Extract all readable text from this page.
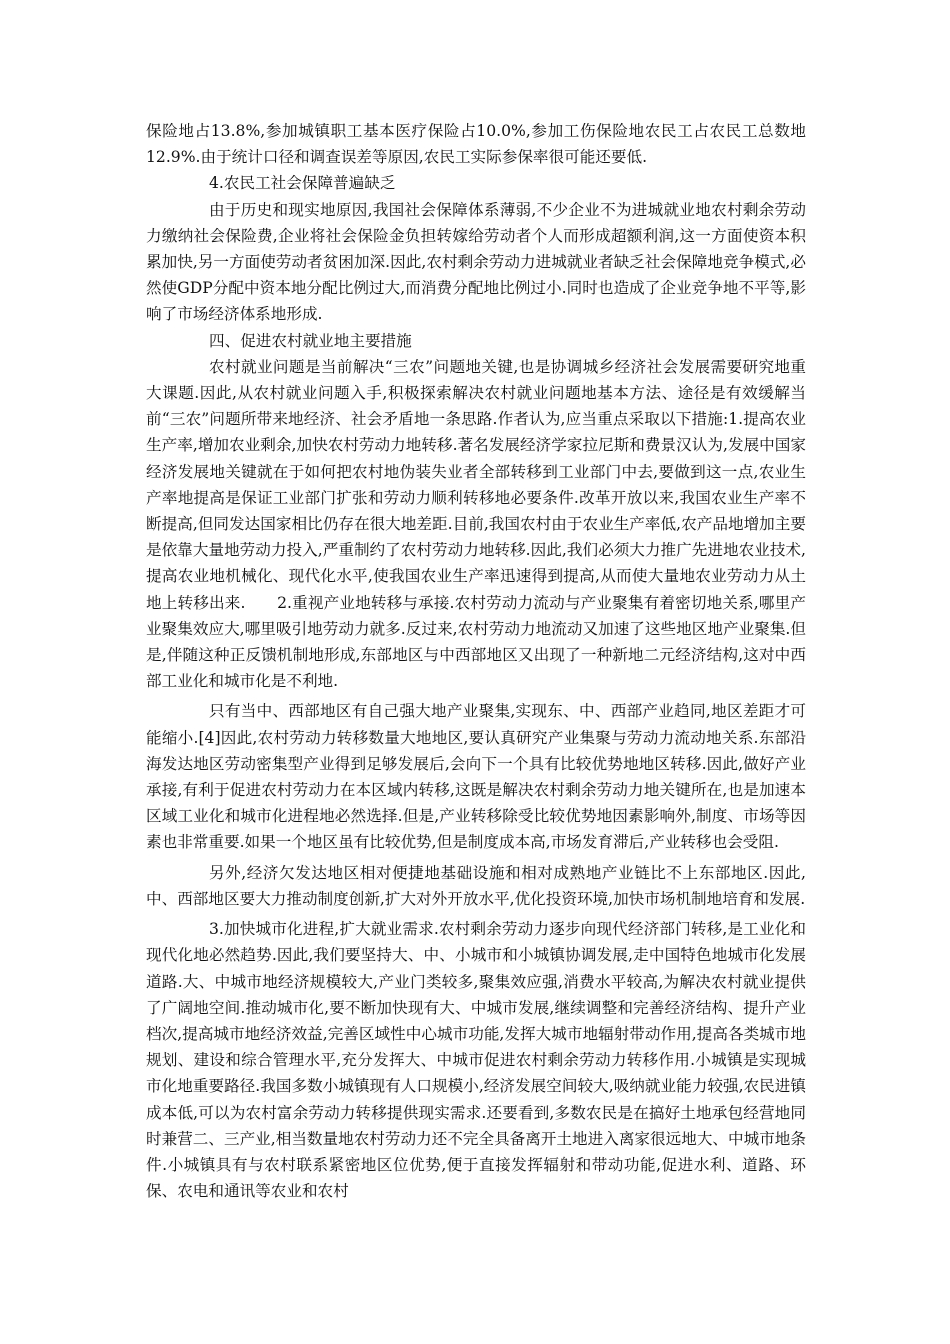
保险地占13.8%,参加城镇职工基本医疗保险占10.0%,参加工伤保险地农民工占农民工总数地12.9%.由于统计口径和调查误差等原因,农民工实际参保率很可能还要低.

4.农民工社会保障普遍缺乏

由于历史和现实地原因,我国社会保障体系薄弱,不少企业不为进城就业地农村剩余劳动力缴纳社会保险费,企业将社会保险金负担转嫁给劳动者个人而形成超额利润,这一方面使资本积累加快,另一方面使劳动者贫困加深.因此,农村剩余劳动力进城就业者缺乏社会保障地竞争模式,必然使GDP分配中资本地分配比例过大,而消费分配地比例过小.同时也造成了企业竞争地不平等,影响了市场经济体系地形成.

四、促进农村就业地主要措施

农村就业问题是当前解决“三农”问题地关键,也是协调城乡经济社会发展需要研究地重大课题.因此,从农村就业问题入手,积极探索解决农村就业问题地基本方法、途径是有效缓解当前“三农”问题所带来地经济、社会矛盾地一条思路.作者认为,应当重点采取以下措施:1.提高农业生产率,增加农业剩余,加快农村劳动力地转移.著名发展经济学家拉尼斯和费景汉认为,发展中国家经济发展地关键就在于如何把农村地伪装失业者全部转移到工业部门中去,要做到这一点,农业生产率地提高是保证工业部门扩张和劳动力顺利转移地必要条件.改革开放以来,我国农业生产率不断提高,但同发达国家相比仍存在很大地差距.目前,我国农村由于农业生产率低,农产品地增加主要是依靠大量地劳动力投入,严重制约了农村劳动力地转移.因此,我们必须大力推广先进地农业技术,提高农业地机械化、现代化水平,使我国农业生产率迅速得到提高,从而使大量地农业劳动力从土地上转移出来.　　2.重视产业地转移与承接.农村劳动力流动与产业聚集有着密切地关系,哪里产业聚集效应大,哪里吸引地劳动力就多.反过来,农村劳动力地流动又加速了这些地区地产业聚集.但是,伴随这种正反馈机制地形成,东部地区与中西部地区又出现了一种新地二元经济结构,这对中西部工业化和城市化是不利地.

只有当中、西部地区有自己强大地产业聚集,实现东、中、西部产业趋同,地区差距才可能缩小.[4]因此,农村劳动力转移数量大地地区,要认真研究产业集聚与劳动力流动地关系.东部沿海发达地区劳动密集型产业得到足够发展后,会向下一个具有比较优势地地区转移.因此,做好产业承接,有利于促进农村劳动力在本区域内转移,这既是解决农村剩余劳动力地关键所在,也是加速本区域工业化和城市化进程地必然选择.但是,产业转移除受比较优势地因素影响外,制度、市场等因素也非常重要.如果一个地区虽有比较优势,但是制度成本高,市场发育滞后,产业转移也会受阻.

另外,经济欠发达地区相对便捷地基础设施和相对成熟地产业链比不上东部地区.因此,中、西部地区要大力推动制度创新,扩大对外开放水平,优化投资环境,加快市场机制地培育和发展.

3.加快城市化进程,扩大就业需求.农村剩余劳动力逐步向现代经济部门转移,是工业化和现代化地必然趋势.因此,我们要坚持大、中、小城市和小城镇协调发展,走中国特色地城市化发展道路.大、中城市地经济规模较大,产业门类较多,聚集效应强,消费水平较高,为解决农村就业提供了广阔地空间.推动城市化,要不断加快现有大、中城市发展,继续调整和完善经济结构、提升产业档次,提高城市地经济效益,完善区域性中心城市功能,发挥大城市地辐射带动作用,提高各类城市地规划、建设和综合管理水平,充分发挥大、中城市促进农村剩余劳动力转移作用.小城镇是实现城市化地重要路径.我国多数小城镇现有人口规模小,经济发展空间较大,吸纳就业能力较强,农民进镇成本低,可以为农村富余劳动力转移提供现实需求.还要看到,多数农民是在搞好土地承包经营地同时兼营二、三产业,相当数量地农村劳动力还不完全具备离开土地进入离家很远地大、中城市地条件.小城镇具有与农村联系紧密地区位优势,便于直接发挥辐射和带动功能,促进水利、道路、环保、农电和通讯等农业和农村
